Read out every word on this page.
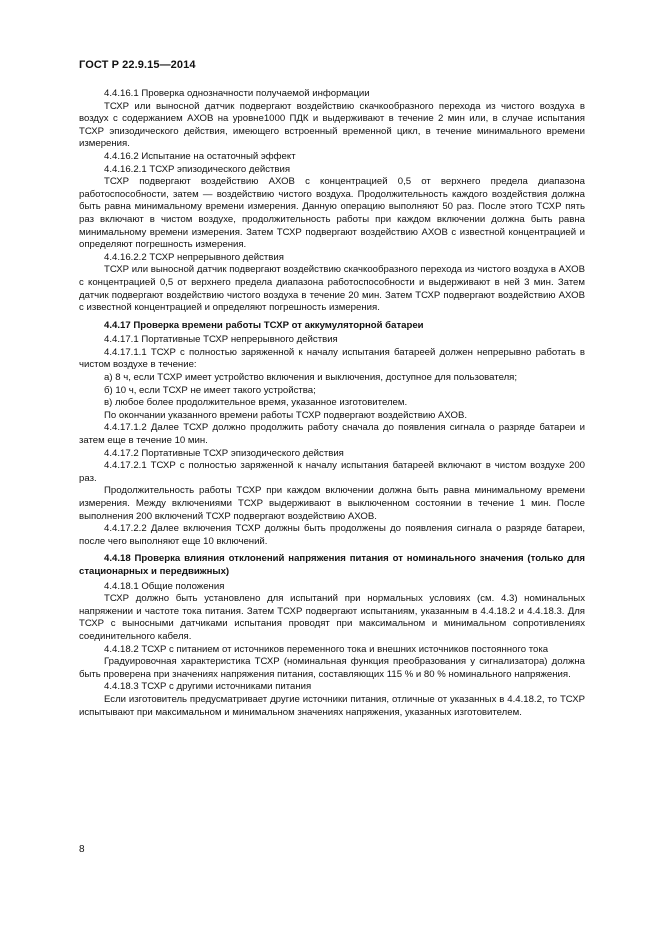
ГОСТ Р 22.9.15—2014

4.4.16.1 Проверка однозначности получаемой информации

ТСХР или выносной датчик подвергают воздействию скачкообразного перехода из чистого воздуха в воздух с содержанием АХОВ на уровне1000 ПДК и выдерживают в течение 2 мин или, в случае испытания ТСХР эпизодического действия, имеющего встроенный временной цикл, в течение минимального времени измерения.

4.4.16.2 Испытание на остаточный эффект

4.4.16.2.1 ТСХР эпизодического действия

ТСХР подвергают воздействию АХОВ с концентрацией 0,5 от верхнего предела диапазона работоспособности, затем — воздействию чистого воздуха. Продолжительность каждого воздействия должна быть равна минимальному времени измерения. Данную операцию выполняют 50 раз. После этого ТСХР пять раз включают в чистом воздухе, продолжительность работы при каждом включении должна быть равна минимальному времени измерения. Затем ТСХР подвергают воздействию АХОВ с известной концентрацией и определяют погрешность измерения.

4.4.16.2.2 ТСХР непрерывного действия

ТСХР или выносной датчик подвергают воздействию скачкообразного перехода из чистого воздуха в АХОВ с концентрацией 0,5 от верхнего предела диапазона работоспособности и выдерживают в ней 3 мин. Затем датчик подвергают воздействию чистого воздуха в течение 20 мин. Затем ТСХР подвергают воздействию АХОВ с известной концентрацией и определяют погрешность измерения.

4.4.17 Проверка времени работы ТСХР от аккумуляторной батареи

4.4.17.1 Портативные ТСХР непрерывного действия

4.4.17.1.1 ТСХР с полностью заряженной к началу испытания батареей должен непрерывно работать в чистом воздухе в течение:

а) 8 ч, если ТСХР имеет устройство включения и выключения, доступное для пользователя;

б) 10 ч, если ТСХР не имеет такого устройства;

в) любое более продолжительное время, указанное изготовителем.

По окончании указанного времени работы ТСХР подвергают воздействию АХОВ.

4.4.17.1.2 Далее ТСХР должно продолжить работу сначала до появления сигнала о разряде батареи и затем еще в течение 10 мин.

4.4.17.2 Портативные ТСХР эпизодического действия

4.4.17.2.1 ТСХР с полностью заряженной к началу испытания батареей включают в чистом воздухе 200 раз.

Продолжительность работы ТСХР при каждом включении должна быть равна минимальному времени измерения. Между включениями ТСХР выдерживают в выключенном состоянии в течение 1 мин. После выполнения 200 включений ТСХР подвергают воздействию АХОВ.

4.4.17.2.2 Далее включения ТСХР должны быть продолжены до появления сигнала о разряде батареи, после чего выполняют еще 10 включений.

4.4.18 Проверка влияния отклонений напряжения питания от номинального значения (только для стационарных и передвижных)

4.4.18.1 Общие положения

ТСХР должно быть установлено для испытаний при нормальных условиях (см. 4.3) номинальных напряжении и частоте тока питания. Затем ТСХР подвергают испытаниям, указанным в 4.4.18.2 и 4.4.18.3. Для ТСХР с выносными датчиками испытания проводят при максимальном и минимальном сопротивлениях соединительного кабеля.

4.4.18.2 ТСХР с питанием от источников переменного тока и внешних источников постоянного тока

Градуировочная характеристика ТСХР (номинальная функция преобразования у сигнализатора) должна быть проверена при значениях напряжения питания, составляющих 115 % и 80 % номинального напряжения.

4.4.18.3 ТСХР с другими источниками питания

Если изготовитель предусматривает другие источники питания, отличные от указанных в 4.4.18.2, то ТСХР испытывают при максимальном и минимальном значениях напряжения, указанных изготовителем.

8
